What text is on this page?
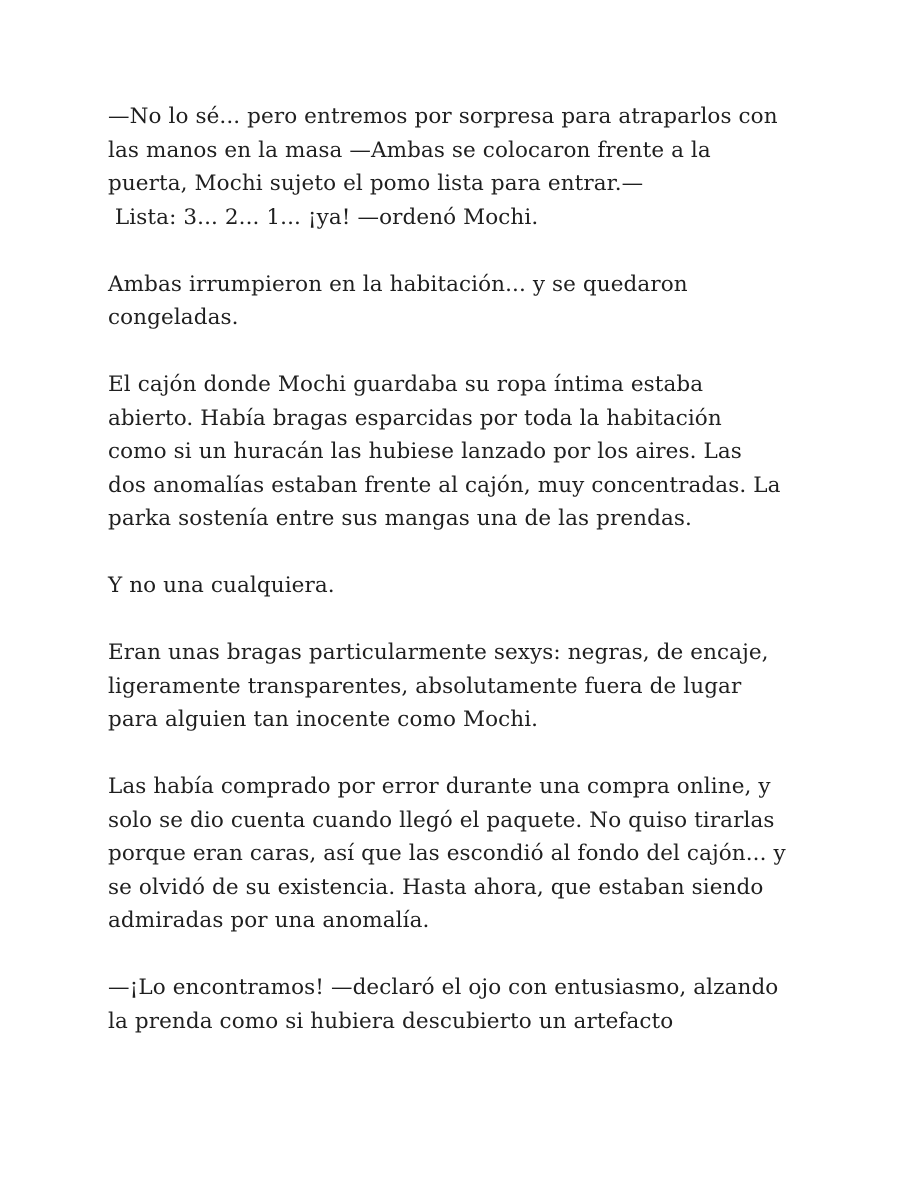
—No lo sé... pero entremos por sorpresa para atraparlos con
las manos en la masa —Ambas se colocaron frente a la
puerta, Mochi sujeto el pomo lista para entrar.—
Lista: 3... 2... 1... ¡ya! —ordenó Mochi.

Ambas irrumpieron en la habitación... y se quedaron
congeladas.

El cajón donde Mochi guardaba su ropa íntima estaba
abierto. Había bragas esparcidas por toda la habitación
como si un huracán las hubiese lanzado por los aires. Las
dos anomalías estaban frente al cajón, muy concentradas. La
parka sostenía entre sus mangas una de las prendas.

Y no una cualquiera.

Eran unas bragas particularmente sexys: negras, de encaje,
ligeramente transparentes, absolutamente fuera de lugar
para alguien tan inocente como Mochi.

Las había comprado por error durante una compra online, y
solo se dio cuenta cuando llegó el paquete. No quiso tirarlas
porque eran caras, así que las escondió al fondo del cajón... y
se olvidó de su existencia. Hasta ahora, que estaban siendo
admiradas por una anomalía.

—¡Lo encontramos! —declaró el ojo con entusiasmo, alzando
la prenda como si hubiera descubierto un artefacto
